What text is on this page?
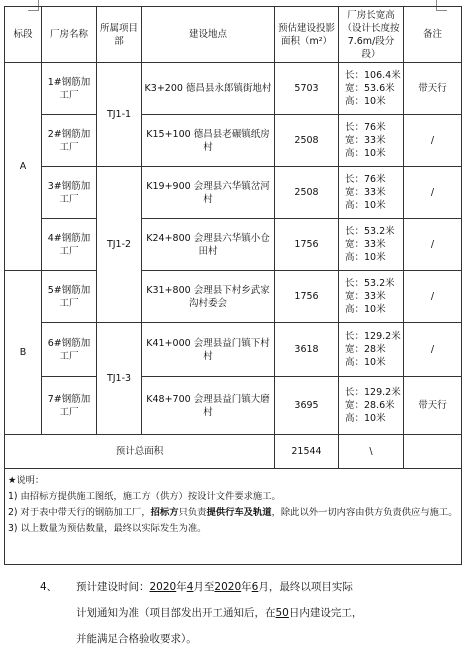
标段	厂房名称	所属项目部	建设地点	预估建设投影面积（m²）	厂房长宽高（设计长度按7.6m/段分段）	备注
A	1#钢筋加工厂	TJ1-1	K3+200 德昌县永郎镇街地村	5703	长：106.4米
宽：53.6米
高：10米	带天行
	2#钢筋加工厂		K15+100 德昌县老碾镇纸房村	2508	长：76米
宽：33米
高：10米	/
	3#钢筋加工厂	TJ1-2	K19+900 会理县六华镇岔河村	2508	长：76米
宽：33米
高：10米	/
	4#钢筋加工厂		K24+800 会理县六华镇小仓田村	1756	长：53.2米
宽：33米
高：10米	/
B	5#钢筋加工厂		K31+800 会理县下村乡武家沟村委会	1756	长：53.2米
宽：33米
高：10米	/
	6#钢筋加工厂	TJ1-3	K41+000 会理县益门镇下村村	3618	长：129.2米
宽：28米
高：10米	/
	7#钢筋加工厂		K48+700 会理县益门镇大磨村	3695	长：129.2米
宽：28.6米
高：10米	带天行
预计总面积				21544	\	

★说明：
1) 由招标方提供施工图纸，施工方（供方）按设计文件要求施工。
2) 对于表中带天行的钢筋加工厂，招标方只负责提供行车及轨道，除此以外一切内容由供方负责供应与施工。
3) 以上数量为预估数量，最终以实际发生为准。						
4、 预计建设时间：2020年4月至2020年6月，最终以项目实际
计划通知为准（项目部发出开工通知后，在50日内建设完工，
并能满足合格验收要求）。
